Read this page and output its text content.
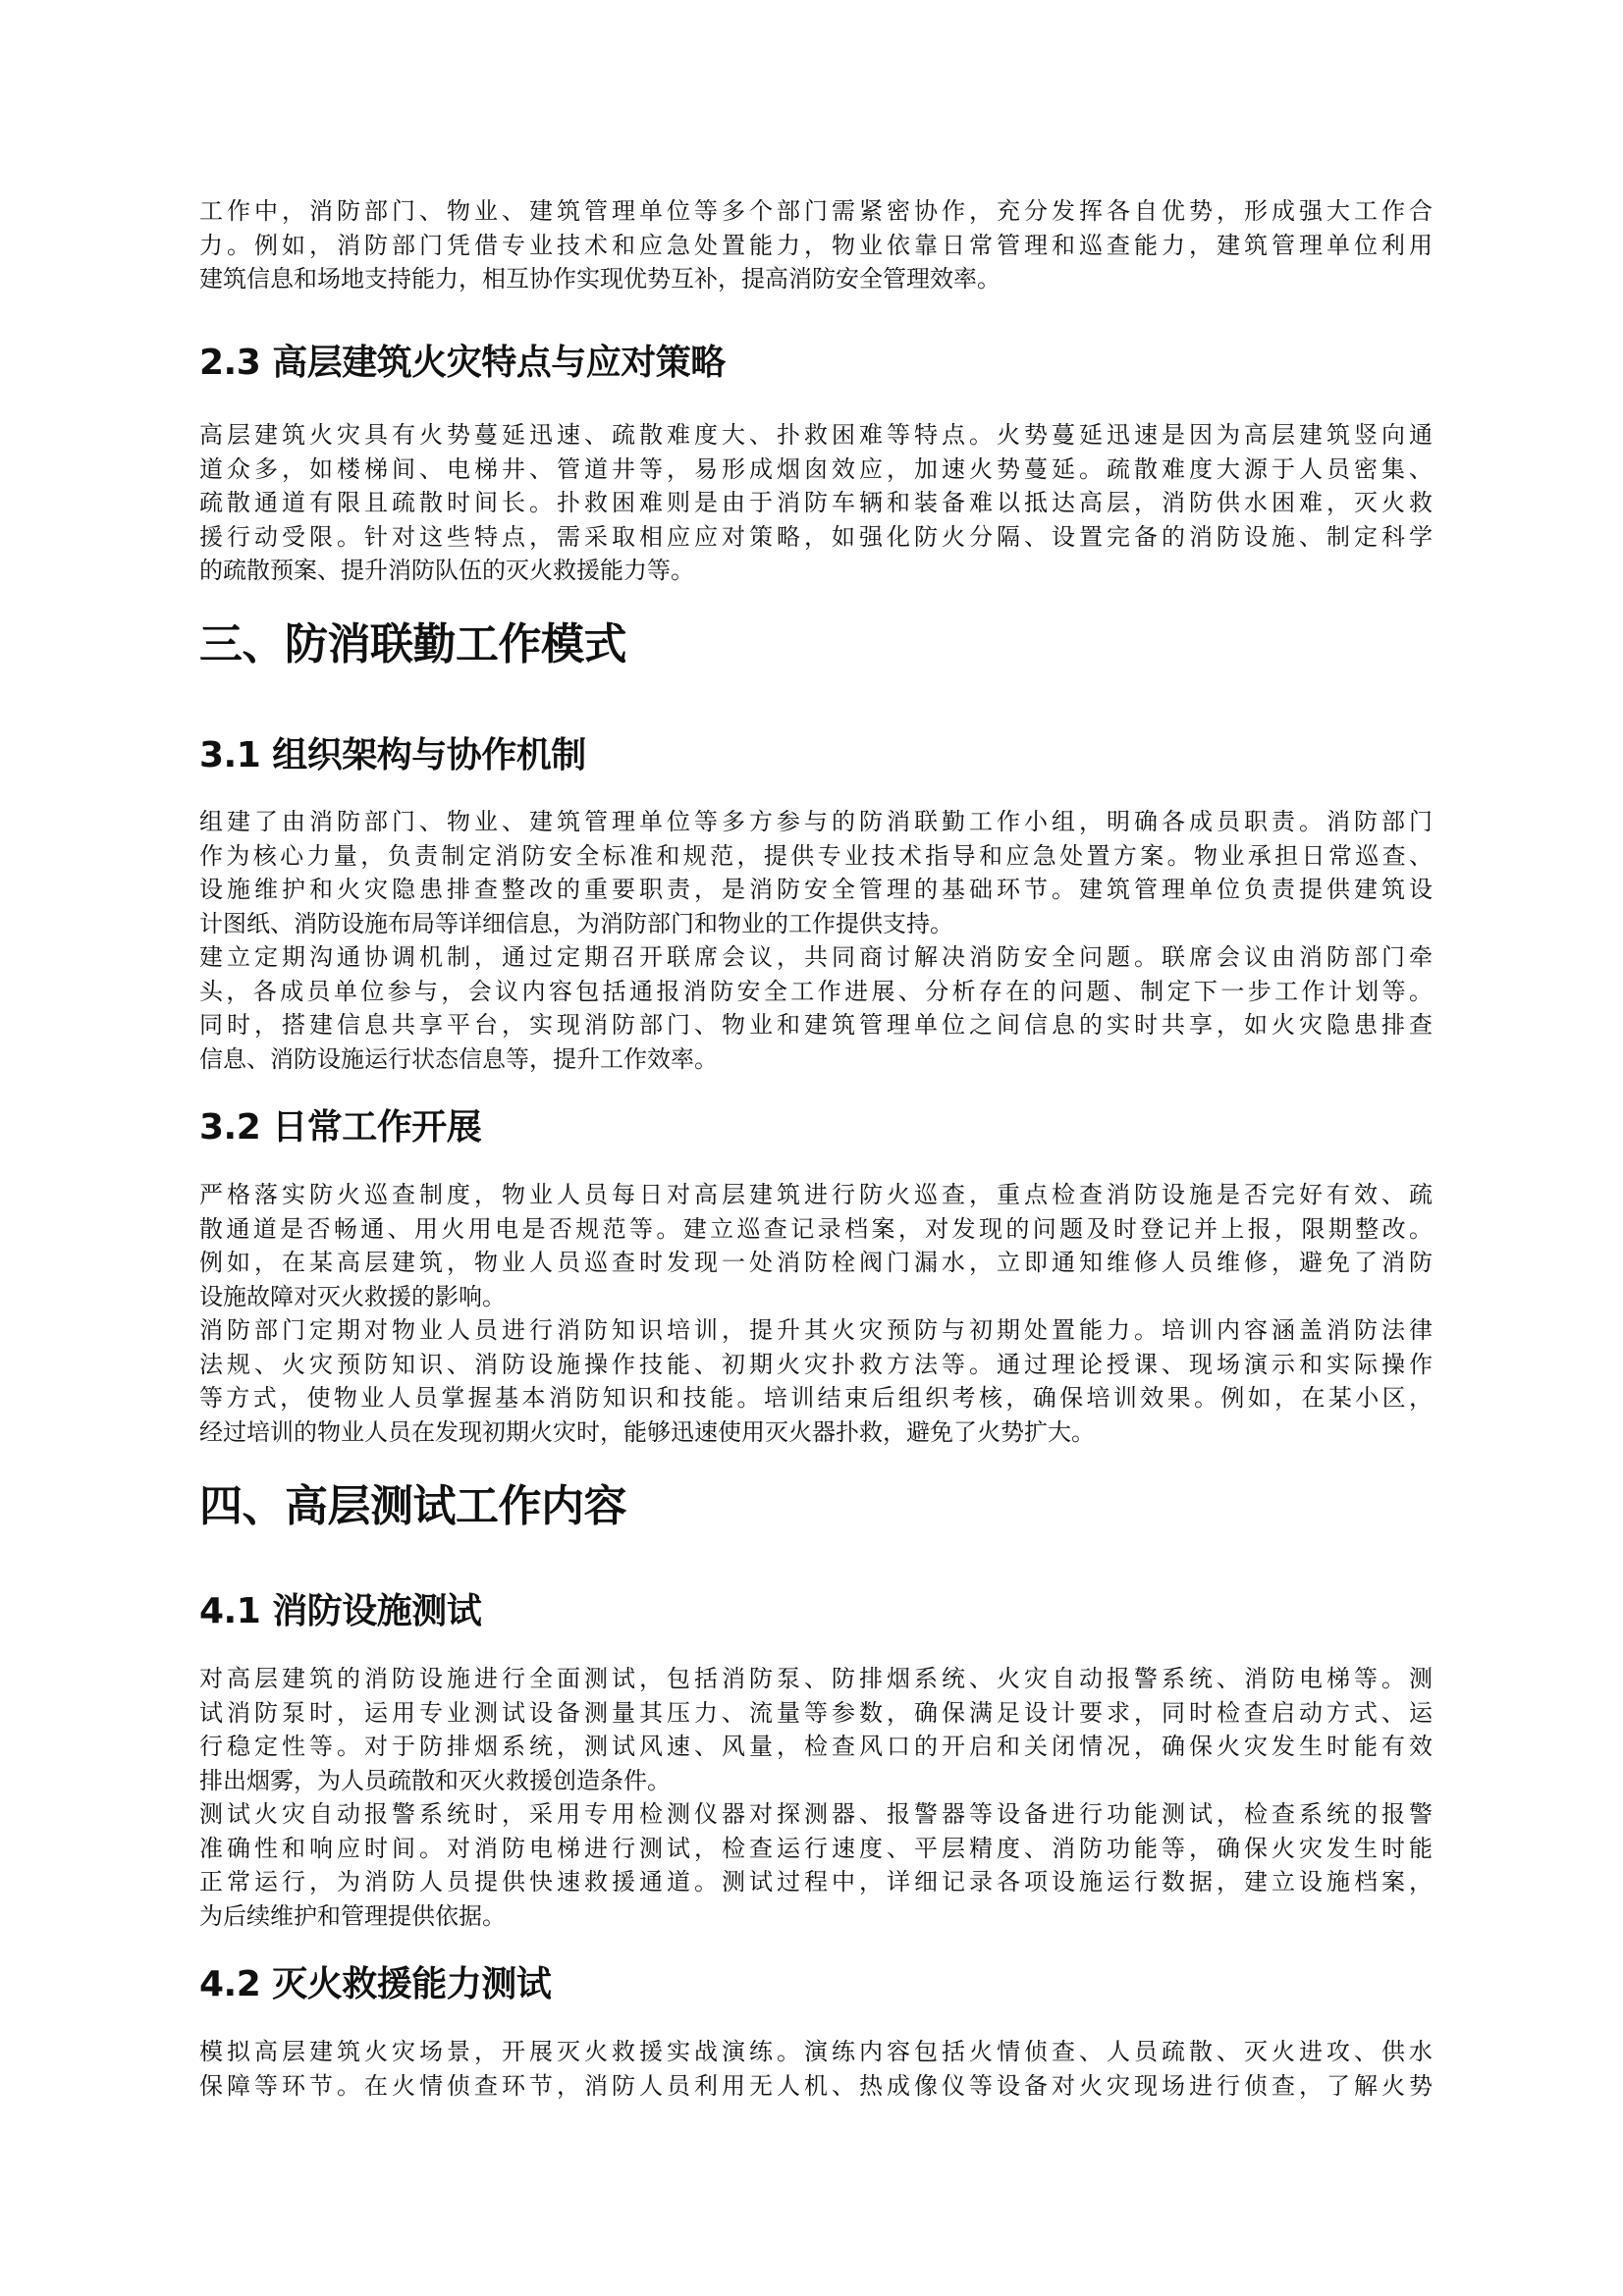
工作中，消防部门、物业、建筑管理单位等多个部门需紧密协作，充分发挥各自优势，形成强大工作合
力。例如，消防部门凭借专业技术和应急处置能力，物业依靠日常管理和巡查能力，建筑管理单位利用
建筑信息和场地支持能力，相互协作实现优势互补，提高消防安全管理效率。
2.3 高层建筑火灾特点与应对策略
高层建筑火灾具有火势蔓延迅速、疏散难度大、扑救困难等特点。火势蔓延迅速是因为高层建筑竖向通
道众多，如楼梯间、电梯井、管道井等，易形成烟囱效应，加速火势蔓延。疏散难度大源于人员密集、
疏散通道有限且疏散时间长。扑救困难则是由于消防车辆和装备难以抵达高层，消防供水困难，灭火救
援行动受限。针对这些特点，需采取相应应对策略，如强化防火分隔、设置完备的消防设施、制定科学
的疏散预案、提升消防队伍的灭火救援能力等。
三、防消联勤工作模式
3.1 组织架构与协作机制
组建了由消防部门、物业、建筑管理单位等多方参与的防消联勤工作小组，明确各成员职责。消防部门
作为核心力量，负责制定消防安全标准和规范，提供专业技术指导和应急处置方案。物业承担日常巡查、
设施维护和火灾隐患排查整改的重要职责，是消防安全管理的基础环节。建筑管理单位负责提供建筑设
计图纸、消防设施布局等详细信息，为消防部门和物业的工作提供支持。
建立定期沟通协调机制，通过定期召开联席会议，共同商讨解决消防安全问题。联席会议由消防部门牵
头，各成员单位参与，会议内容包括通报消防安全工作进展、分析存在的问题、制定下一步工作计划等。
同时，搭建信息共享平台，实现消防部门、物业和建筑管理单位之间信息的实时共享，如火灾隐患排查
信息、消防设施运行状态信息等，提升工作效率。
3.2 日常工作开展
严格落实防火巡查制度，物业人员每日对高层建筑进行防火巡查，重点检查消防设施是否完好有效、疏
散通道是否畅通、用火用电是否规范等。建立巡查记录档案，对发现的问题及时登记并上报，限期整改。
例如，在某高层建筑，物业人员巡查时发现一处消防栓阀门漏水，立即通知维修人员维修，避免了消防
设施故障对灭火救援的影响。
消防部门定期对物业人员进行消防知识培训，提升其火灾预防与初期处置能力。培训内容涵盖消防法律
法规、火灾预防知识、消防设施操作技能、初期火灾扑救方法等。通过理论授课、现场演示和实际操作
等方式，使物业人员掌握基本消防知识和技能。培训结束后组织考核，确保培训效果。例如，在某小区，
经过培训的物业人员在发现初期火灾时，能够迅速使用灭火器扑救，避免了火势扩大。
四、高层测试工作内容
4.1 消防设施测试
对高层建筑的消防设施进行全面测试，包括消防泵、防排烟系统、火灾自动报警系统、消防电梯等。测
试消防泵时，运用专业测试设备测量其压力、流量等参数，确保满足设计要求，同时检查启动方式、运
行稳定性等。对于防排烟系统，测试风速、风量，检查风口的开启和关闭情况，确保火灾发生时能有效
排出烟雾，为人员疏散和灭火救援创造条件。
测试火灾自动报警系统时，采用专用检测仪器对探测器、报警器等设备进行功能测试，检查系统的报警
准确性和响应时间。对消防电梯进行测试，检查运行速度、平层精度、消防功能等，确保火灾发生时能
正常运行，为消防人员提供快速救援通道。测试过程中，详细记录各项设施运行数据，建立设施档案，
为后续维护和管理提供依据。
4.2 灭火救援能力测试
模拟高层建筑火灾场景，开展灭火救援实战演练。演练内容包括火情侦查、人员疏散、灭火进攻、供水
保障等环节。在火情侦查环节，消防人员利用无人机、热成像仪等设备对火灾现场进行侦查，了解火势
